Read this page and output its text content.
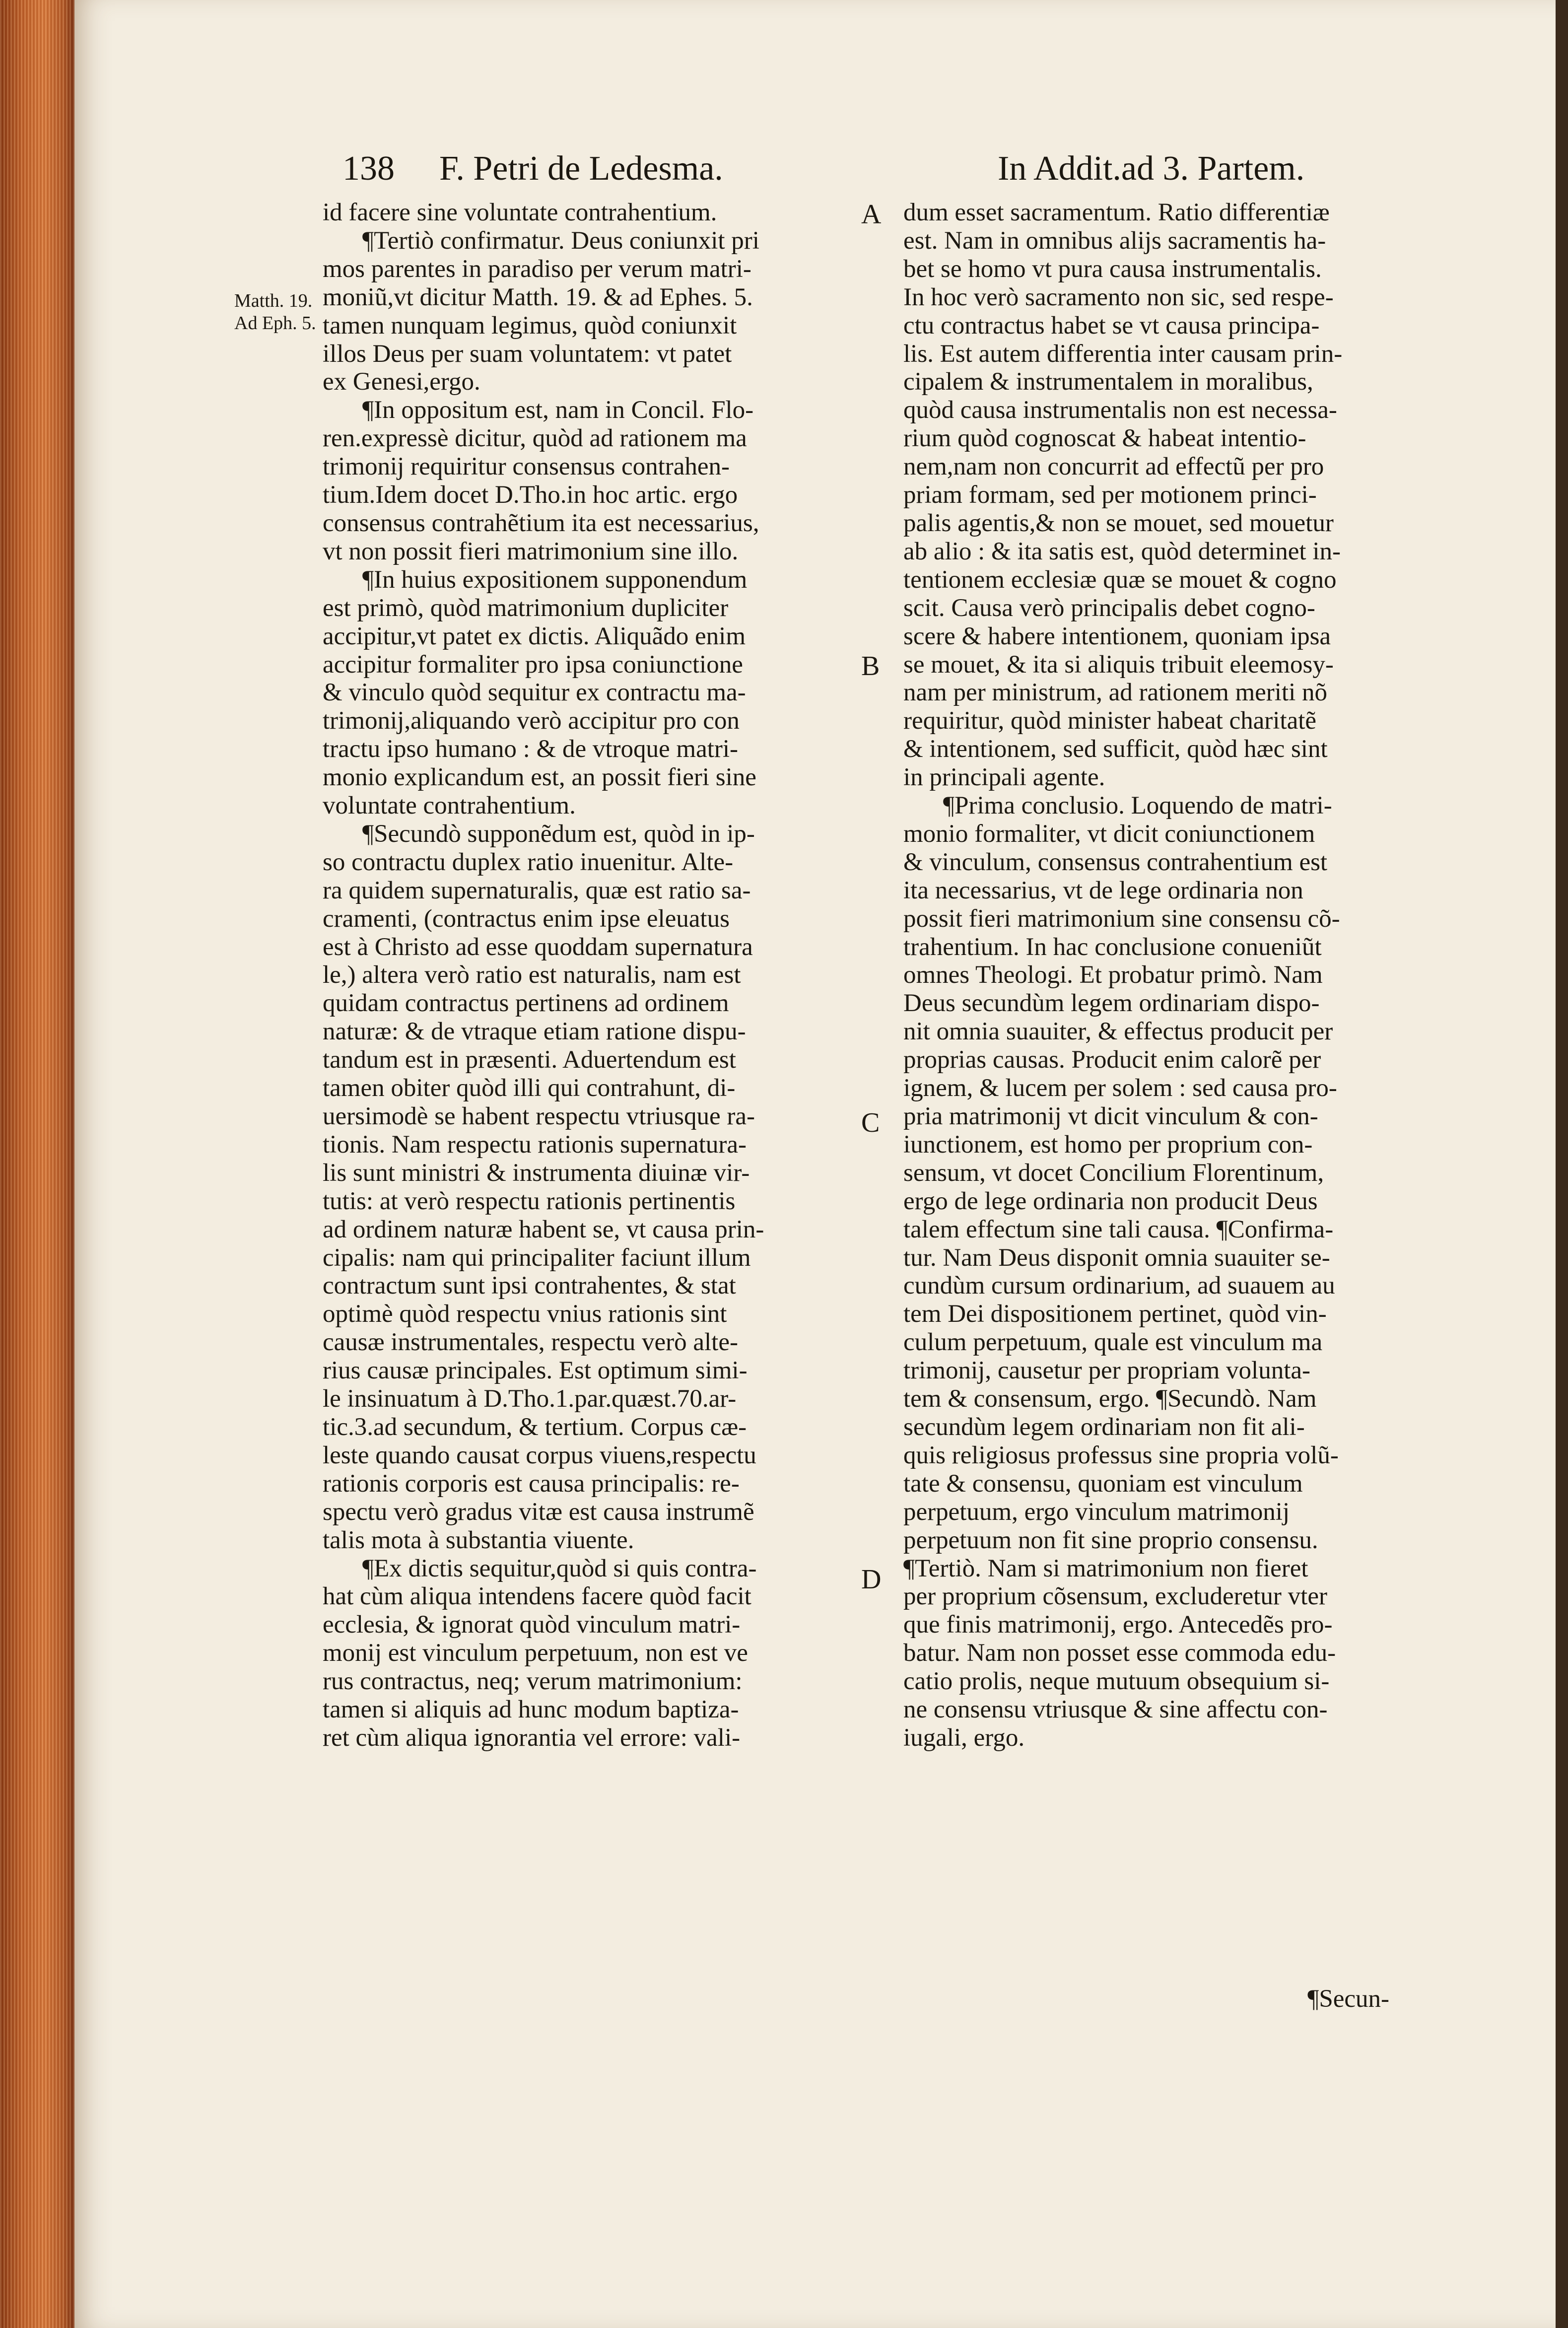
138 F. Petri de Ledesma.	In Addit.ad 3. Partem.
Matth. 19.
Ad Eph. 5.
A
B
C
D
id facere sine voluntate contrahentium.
¶Tertiò confirmatur. Deus coniunxit pri
mos parentes in paradiso per verum matri-
moniũ,vt dicitur Matth. 19. & ad Ephes. 5.
tamen nunquam legimus, quòd coniunxit
illos Deus per suam voluntatem: vt patet
ex Genesi,ergo.
¶In oppositum est, nam in Concil. Flo-
ren.expressè dicitur, quòd ad rationem ma
trimonij requiritur consensus contrahen-
tium.Idem docet D.Tho.in hoc artic. ergo
consensus contrahẽtium ita est necessarius,
vt non possit fieri matrimonium sine illo.
¶In huius expositionem supponendum
est primò, quòd matrimonium dupliciter
accipitur,vt patet ex dictis. Aliquãdo enim
accipitur formaliter pro ipsa coniunctione
& vinculo quòd sequitur ex contractu ma-
trimonij,aliquando verò accipitur pro con
tractu ipso humano : & de vtroque matri-
monio explicandum est, an possit fieri sine
voluntate contrahentium.
¶Secundò supponẽdum est, quòd in ip-
so contractu duplex ratio inuenitur. Alte-
ra quidem supernaturalis, quæ est ratio sa-
cramenti, (contractus enim ipse eleuatus
est à Christo ad esse quoddam supernatura
le,) altera verò ratio est naturalis, nam est
quidam contractus pertinens ad ordinem
naturæ: & de vtraque etiam ratione dispu-
tandum est in præsenti. Aduertendum est
tamen obiter quòd illi qui contrahunt, di-
uersimodè se habent respectu vtriusque ra-
tionis. Nam respectu rationis supernatura-
lis sunt ministri & instrumenta diuinæ vir-
tutis: at verò respectu rationis pertinentis
ad ordinem naturæ habent se, vt causa prin-
cipalis: nam qui principaliter faciunt illum
contractum sunt ipsi contrahentes, & stat
optimè quòd respectu vnius rationis sint
causæ instrumentales, respectu verò alte-
rius causæ principales. Est optimum simi-
le insinuatum à D.Tho.1.par.quæst.70.ar-
tic.3.ad secundum, & tertium. Corpus cæ-
leste quando causat corpus viuens,respectu
rationis corporis est causa principalis: re-
spectu verò gradus vitæ est causa instrumẽ
talis mota à substantia viuente.
¶Ex dictis sequitur,quòd si quis contra-
hat cùm aliqua intendens facere quòd facit
ecclesia, & ignorat quòd vinculum matri-
monij est vinculum perpetuum, non est ve
rus contractus, neq; verum matrimonium:
tamen si aliquis ad hunc modum baptiza-
ret cùm aliqua ignorantia vel errore: vali-
dum esset sacramentum. Ratio differentiæ
est. Nam in omnibus alijs sacramentis ha-
bet se homo vt pura causa instrumentalis.
In hoc verò sacramento non sic, sed respe-
ctu contractus habet se vt causa principa-
lis. Est autem differentia inter causam prin-
cipalem & instrumentalem in moralibus,
quòd causa instrumentalis non est necessa-
rium quòd cognoscat & habeat intentio-
nem,nam non concurrit ad effectũ per pro
priam formam, sed per motionem princi-
palis agentis,& non se mouet, sed mouetur
ab alio : & ita satis est, quòd determinet in-
tentionem ecclesiæ quæ se mouet & cogno
scit. Causa verò principalis debet cogno-
scere & habere intentionem, quoniam ipsa
se mouet, & ita si aliquis tribuit eleemosy-
nam per ministrum, ad rationem meriti nõ
requiritur, quòd minister habeat charitatẽ
& intentionem, sed sufficit, quòd hæc sint
in principali agente.
¶Prima conclusio. Loquendo de matri-
monio formaliter, vt dicit coniunctionem
& vinculum, consensus contrahentium est
ita necessarius, vt de lege ordinaria non
possit fieri matrimonium sine consensu cõ-
trahentium. In hac conclusione conueniũt
omnes Theologi. Et probatur primò. Nam
Deus secundùm legem ordinariam dispo-
nit omnia suauiter, & effectus producit per
proprias causas. Producit enim calorẽ per
ignem, & lucem per solem : sed causa pro-
pria matrimonij vt dicit vinculum & con-
iunctionem, est homo per proprium con-
sensum, vt docet Concilium Florentinum,
ergo de lege ordinaria non producit Deus
talem effectum sine tali causa. ¶Confirma-
tur. Nam Deus disponit omnia suauiter se-
cundùm cursum ordinarium, ad suauem au
tem Dei dispositionem pertinet, quòd vin-
culum perpetuum, quale est vinculum ma
trimonij, causetur per propriam volunta-
tem & consensum, ergo. ¶Secundò. Nam
secundùm legem ordinariam non fit ali-
quis religiosus professus sine propria volũ-
tate & consensu, quoniam est vinculum
perpetuum, ergo vinculum matrimonij
perpetuum non fit sine proprio consensu.
¶Tertiò. Nam si matrimonium non fieret
per proprium cõsensum, excluderetur vter
que finis matrimonij, ergo. Antecedẽs pro-
batur. Nam non posset esse commoda edu-
catio prolis, neque mutuum obsequium si-
ne consensu vtriusque & sine affectu con-
iugali, ergo.
¶Secun-
